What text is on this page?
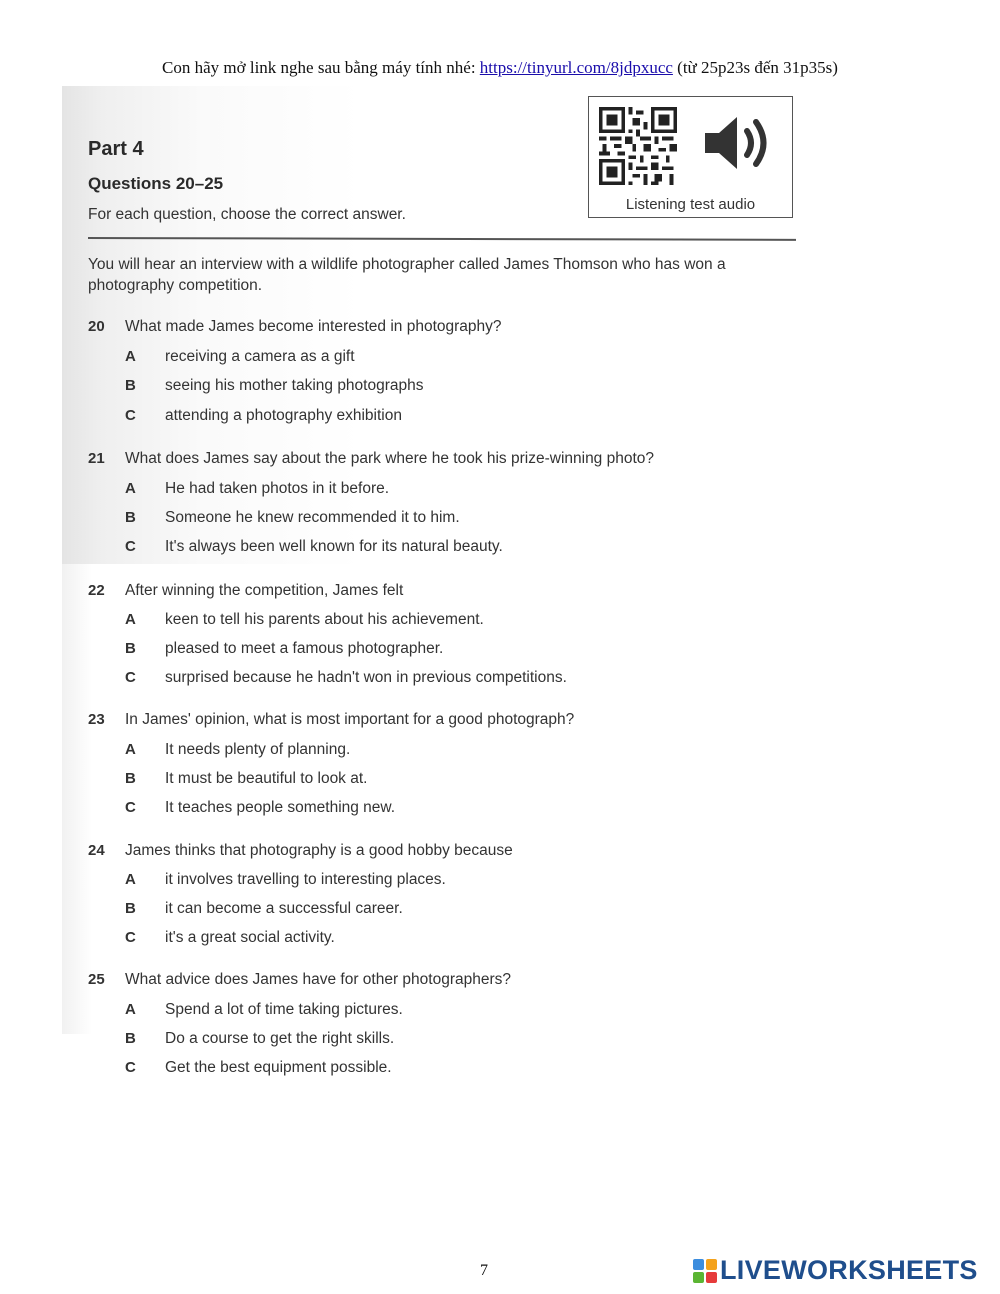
Con hãy mở link nghe sau bằng máy tính nhé: https://tinyurl.com/8jdpxucc (từ 25p23s đến 31p35s)
Part 4
Questions 20–25
For each question, choose the correct answer.
Listening test audio
You will hear an interview with a wildlife photographer called James Thomson who has won a photography competition.
20 What made James become interested in photography?
A receiving a camera as a gift
B seeing his mother taking photographs
C attending a photography exhibition
21 What does James say about the park where he took his prize-winning photo?
A He had taken photos in it before.
B Someone he knew recommended it to him.
C It's always been well known for its natural beauty.
22 After winning the competition, James felt
A keen to tell his parents about his achievement.
B pleased to meet a famous photographer.
C surprised because he hadn't won in previous competitions.
23 In James' opinion, what is most important for a good photograph?
A It needs plenty of planning.
B It must be beautiful to look at.
C It teaches people something new.
24 James thinks that photography is a good hobby because
A it involves travelling to interesting places.
B it can become a successful career.
C it's a great social activity.
25 What advice does James have for other photographers?
A Spend a lot of time taking pictures.
B Do a course to get the right skills.
C Get the best equipment possible.
7	LIVEWORKSHEETS
